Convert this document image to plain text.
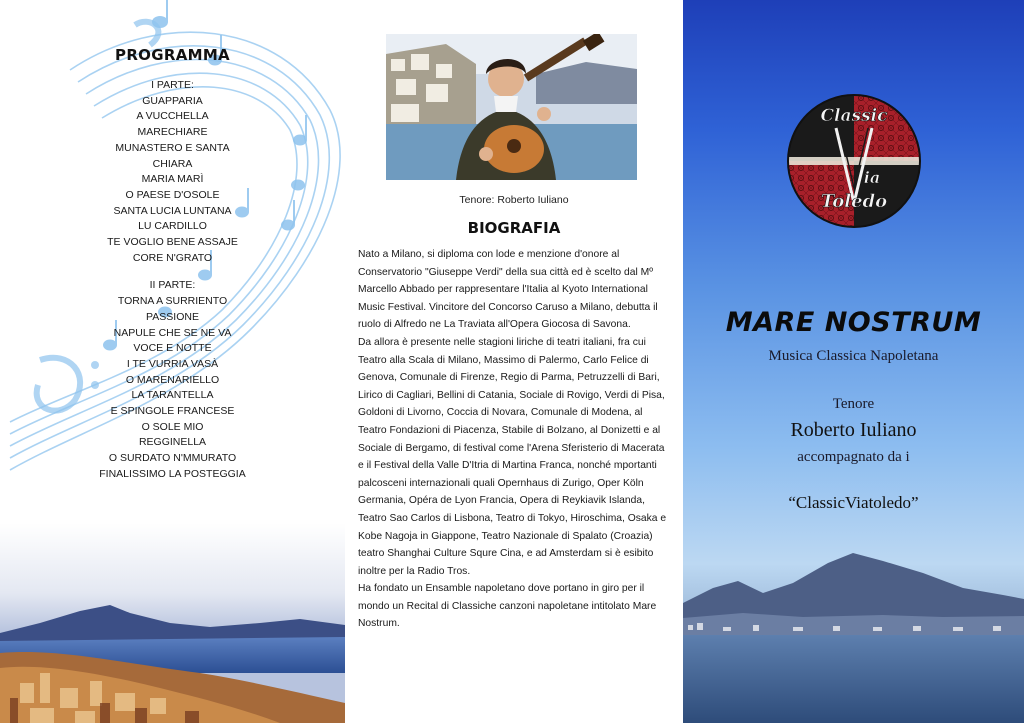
PROGRAMMA
I PARTE:
GUAPPARIA
A VUCCHELLA
MARECHIARE
MUNASTERO E SANTA
CHIARA
MARIA MARÌ
O PAESE D'OSOLE
SANTA LUCIA LUNTANA
LU CARDILLO
TE VOGLIO BENE ASSAJE
CORE N'GRATO
II PARTE:
TORNA A SURRIENTO
PASSIONE
NAPULE CHE SE NE VA
VOCE E NOTTE
I TE VURRIA VASÀ
O MARENARIELLO
LA TARANTELLA
E SPINGOLE FRANCESE
O SOLE MIO
REGGINELLA
O SURDATO N'MMURATO
FINALISSIMO LA POSTEGGIA
Tenore: Roberto Iuliano
BIOGRAFIA

Nato a Milano, si diploma con lode e menzione d'onore al Conservatorio "Giuseppe Verdi" della sua città ed è scelto dal Mº Marcello Abbado per rappresentare l'Italia al Kyoto International Music Festival. Vincitore del Concorso Caruso a Milano, debutta il ruolo di Alfredo ne La Traviata all'Opera Giocosa di Savona.

Da allora è presente nelle stagioni liriche di teatri italiani, fra cui Teatro alla Scala di Milano, Massimo di Palermo, Carlo Felice di Genova, Comunale di Firenze, Regio di Parma, Petruzzelli di Bari, Lirico di Cagliari, Bellini di Catania, Sociale di Rovigo, Verdi di Pisa, Goldoni di Livorno, Coccia di Novara, Comunale di Modena, al Teatro Fondazioni di Piacenza, Stabile di Bolzano, al Donizetti e al Sociale di Bergamo, di festival come l'Arena Sferisterio di Macerata e il Festival della Valle D'Itria di Martina Franca, nonché mportanti palcosceni internazionali quali Opernhaus di Zurigo, Oper Köln Germania, Opéra de Lyon Francia, Opera di Reykiavik Islanda, Teatro Sao Carlos di Lisbona, Teatro di Tokyo, Hiroschima, Osaka e Kobe Nagoja in Giappone, Teatro Nazionale di Spalato (Croazia) teatro Shanghai Culture Squre Cina, e ad Amsterdam si è esibito inoltre per la Radio Tros.

Ha fondato un Ensamble napoletano dove portano in giro per il mondo un Recital di Classiche canzoni napoletane intitolato Mare Nostrum.

Classic
ia
Toledo
MARE NOSTRUM
Musica Classica Napoletana
Tenore
Roberto Iuliano
accompagnato da i
“ClassicViatoledo”
